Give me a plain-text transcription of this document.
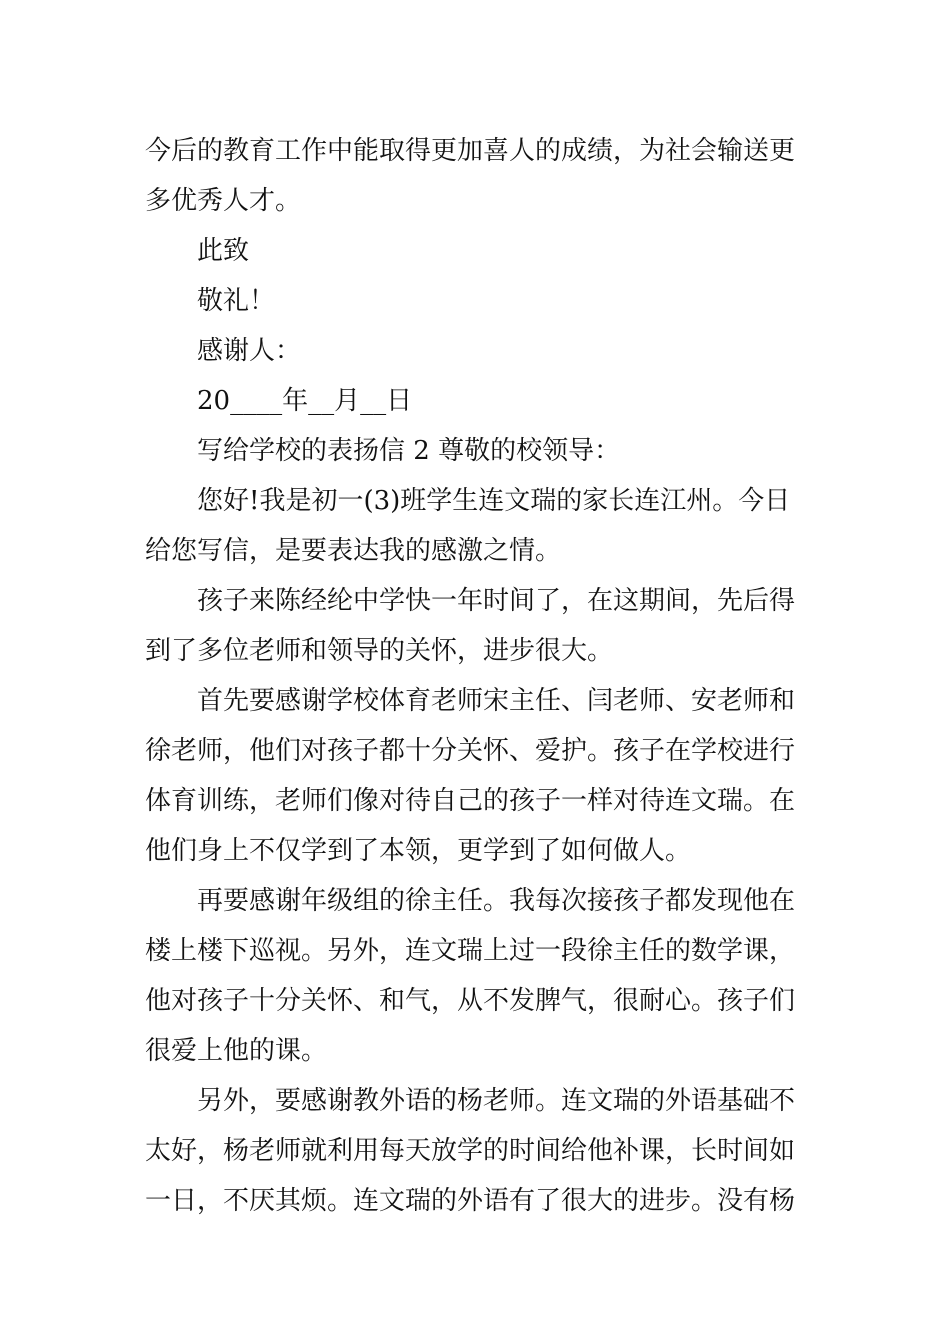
今后的教育工作中能取得更加喜人的成绩，为社会输送更
多优秀人才。
此致
敬礼！
感谢人：
20____年__月__日
写给学校的表扬信 2 尊敬的校领导：
您好!我是初一(3)班学生连文瑞的家长连江州。今日
给您写信，是要表达我的感激之情。
孩子来陈经纶中学快一年时间了，在这期间，先后得
到了多位老师和领导的关怀，进步很大。
首先要感谢学校体育老师宋主任、闫老师、安老师和
徐老师，他们对孩子都十分关怀、爱护。孩子在学校进行
体育训练，老师们像对待自己的孩子一样对待连文瑞。在
他们身上不仅学到了本领，更学到了如何做人。
再要感谢年级组的徐主任。我每次接孩子都发现他在
楼上楼下巡视。另外，连文瑞上过一段徐主任的数学课，
他对孩子十分关怀、和气，从不发脾气，很耐心。孩子们
很爱上他的课。
另外，要感谢教外语的杨老师。连文瑞的外语基础不
太好，杨老师就利用每天放学的时间给他补课，长时间如
一日，不厌其烦。连文瑞的外语有了很大的进步。没有杨
